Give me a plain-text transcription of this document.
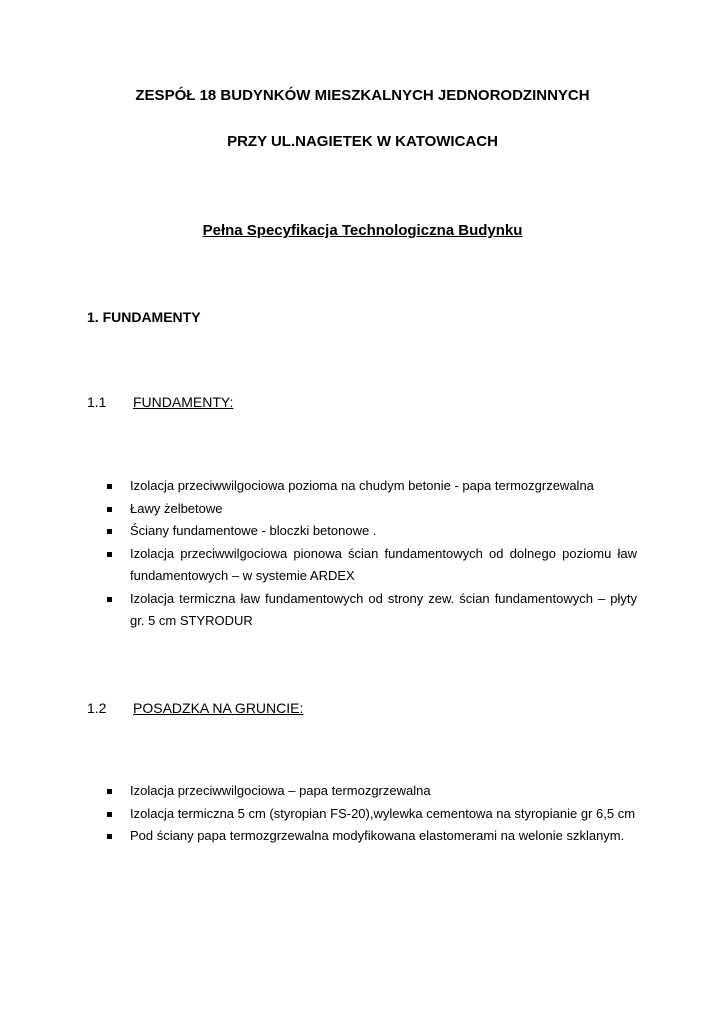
ZESPÓŁ 18 BUDYNKÓW MIESZKALNYCH JEDNORODZINNYCH
PRZY UL.NAGIETEK W KATOWICACH
Pełna Specyfikacja Technologiczna Budynku
1. FUNDAMENTY
1.1 FUNDAMENTY:
Izolacja przeciwwilgociowa pozioma na chudym betonie - papa termozgrzewalna
Ławy żelbetowe
Ściany fundamentowe - bloczki betonowe .
Izolacja przeciwwilgociowa pionowa ścian fundamentowych od dolnego poziomu ław fundamentowych – w systemie ARDEX
Izolacja termiczna ław fundamentowych od strony zew. ścian fundamentowych – płyty gr. 5 cm STYRODUR
1.2 POSADZKA NA GRUNCIE:
Izolacja przeciwwilgociowa – papa termozgrzewalna
Izolacja termiczna 5 cm (styropian FS-20),wylewka cementowa na styropianie gr 6,5 cm
Pod ściany papa termozgrzewalna modyfikowana elastomerami na welonie szklanym.
